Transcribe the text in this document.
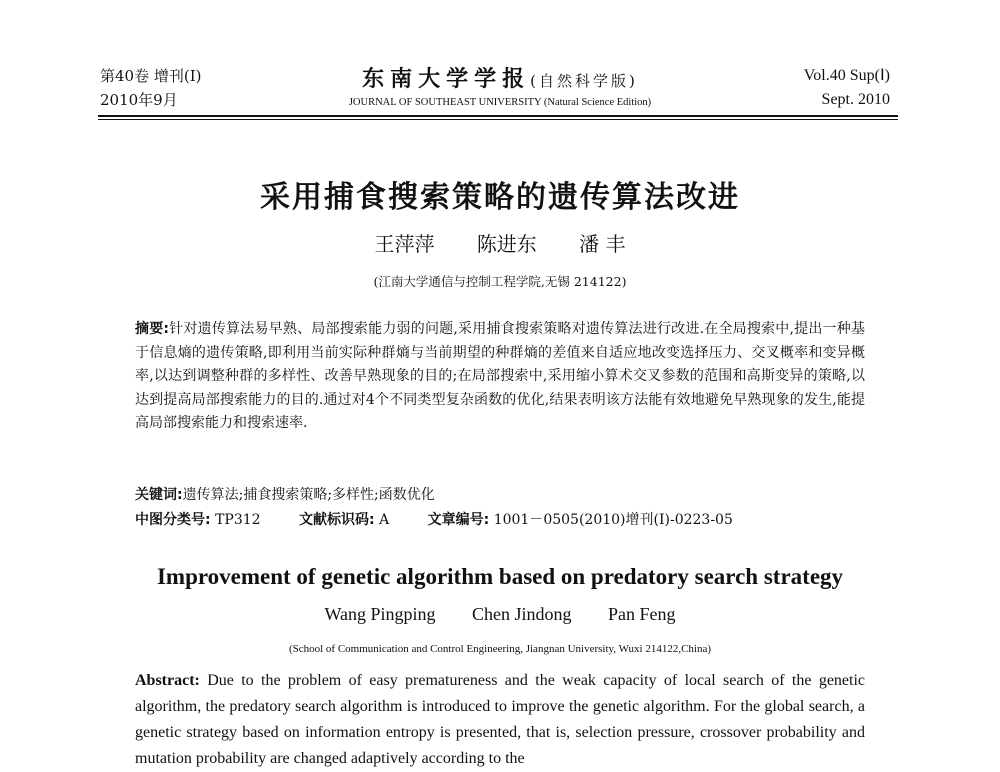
第40卷 增刊(Ⅰ)
2010年9月
东南大学学报(自然科学版)
JOURNAL OF SOUTHEAST UNIVERSITY (Natural Science Edition)
Vol.40 Sup(Ⅰ)
Sept. 2010
采用捕食搜索策略的遗传算法改进
王萍萍 陈进东 潘 丰
(江南大学通信与控制工程学院,无锡 214122)
摘要:针对遗传算法易早熟、局部搜索能力弱的问题,采用捕食搜索策略对遗传算法进行改进.在全局搜索中,提出一种基于信息熵的遗传策略,即利用当前实际种群熵与当前期望的种群熵的差值来自适应地改变选择压力、交叉概率和变异概率,以达到调整种群的多样性、改善早熟现象的目的;在局部搜索中,采用缩小算术交叉参数的范围和高斯变异的策略,以达到提高局部搜索能力的目的.通过对4个不同类型复杂函数的优化,结果表明该方法能有效地避免早熟现象的发生,能提高局部搜索能力和搜索速率.
关键词:遗传算法;捕食搜索策略;多样性;函数优化
中图分类号: TP312	文献标识码: A	文章编号: 1001－0505(2010)增刊(Ⅰ)-0223-05
Improvement of genetic algorithm based on predatory search strategy
Wang Pingping Chen Jindong Pan Feng
(School of Communication and Control Engineering, Jiangnan University, Wuxi 214122,China)
Abstract: Due to the problem of easy prematureness and the weak capacity of local search of the genetic algorithm, the predatory search algorithm is introduced to improve the genetic algorithm. For the global search, a genetic strategy based on information entropy is presented, that is, selection pressure, crossover probability and mutation probability are changed adaptively according to the
